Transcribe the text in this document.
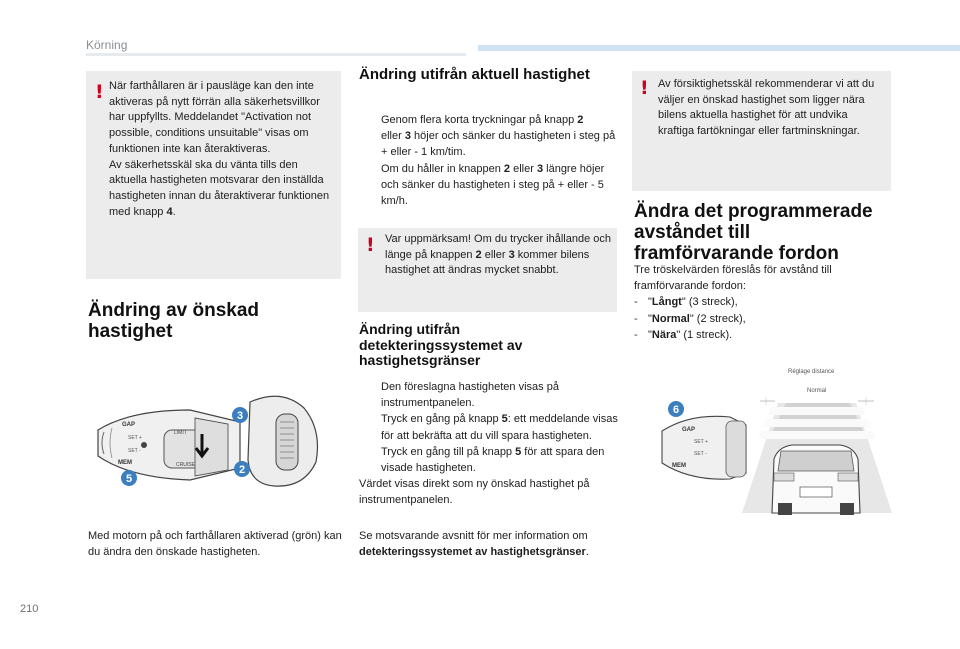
Körning
! När farthållaren är i pausläge kan den inte aktiveras på nytt förrän alla säkerhetsvillkor har uppfyllts. Meddelandet "Activation not possible, conditions unsuitable" visas om funktionen inte kan återaktiveras.
Av säkerhetsskäl ska du vänta tills den aktuella hastigheten motsvarar den inställda hastigheten innan du återaktiverar funktionen med knapp 4.

Ändring av önskad hastighet
GAP
SET +
SET -
MEM
LIMIT
CRUISE
3
2
5

Med motorn på och farthållaren aktiverad (grön) kan du ändra den önskade hastigheten.

Ändring utifrån aktuell hastighet
Genom flera korta tryckningar på knapp 2
eller 3 höjer och sänker du hastigheten i steg på + eller - 1 km/tim.
Om du håller in knappen 2 eller 3 längre höjer och sänker du hastigheten i steg på + eller - 5 km/h.
! Var uppmärksam! Om du trycker ihållande och länge på knappen 2 eller 3 kommer bilens hastighet att ändras mycket snabbt.

Ändring utifrån detekteringssystemet av hastighetsgränser
Den föreslagna hastigheten visas på instrumentpanelen.
Tryck en gång på knapp 5: ett meddelande visas för att bekräfta att du vill spara hastigheten.
Tryck en gång till på knapp 5 för att spara den visade hastigheten.
Värdet visas direkt som ny önskad hastighet på instrumentpanelen.

Se motsvarande avsnitt för mer information om detekteringssystemet av hastighetsgränser.

! Av försiktighetsskäl rekommenderar vi att du väljer en önskad hastighet som ligger nära bilens aktuella hastighet för att undvika kraftiga fartökningar eller fartminskningar.

Ändra det programmerade avståndet till framförvarande fordon
Tre tröskelvärden föreslås för avstånd till framförvarande fordon:
- "Långt" (3 streck),
- "Normal" (2 streck),
- "Nära" (1 streck).
Réglage distance
Normal
GAP
SET +
SET -
MEM
6
210
